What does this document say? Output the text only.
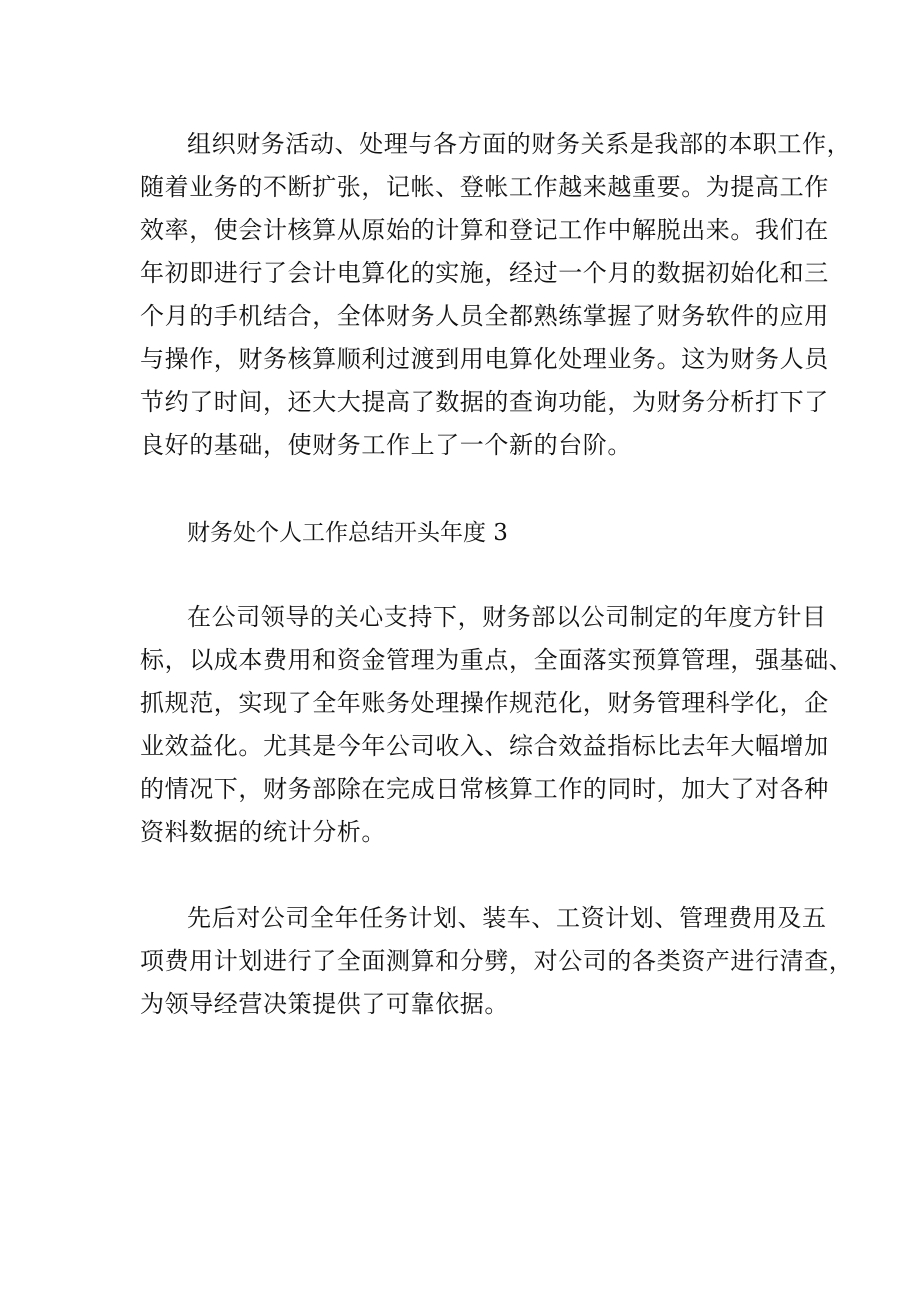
组织财务活动、处理与各方面的财务关系是我部的本职工作，
随着业务的不断扩张，记帐、登帐工作越来越重要。为提高工作
效率，使会计核算从原始的计算和登记工作中解脱出来。我们在
年初即进行了会计电算化的实施，经过一个月的数据初始化和三
个月的手机结合，全体财务人员全都熟练掌握了财务软件的应用
与操作，财务核算顺利过渡到用电算化处理业务。这为财务人员
节约了时间，还大大提高了数据的查询功能，为财务分析打下了
良好的基础，使财务工作上了一个新的台阶。
财务处个人工作总结开头年度 3
在公司领导的关心支持下，财务部以公司制定的年度方针目
标，以成本费用和资金管理为重点，全面落实预算管理，强基础、
抓规范，实现了全年账务处理操作规范化，财务管理科学化，企
业效益化。尤其是今年公司收入、综合效益指标比去年大幅增加
的情况下，财务部除在完成日常核算工作的同时，加大了对各种
资料数据的统计分析。
先后对公司全年任务计划、装车、工资计划、管理费用及五
项费用计划进行了全面测算和分劈，对公司的各类资产进行清查，
为领导经营决策提供了可靠依据。
